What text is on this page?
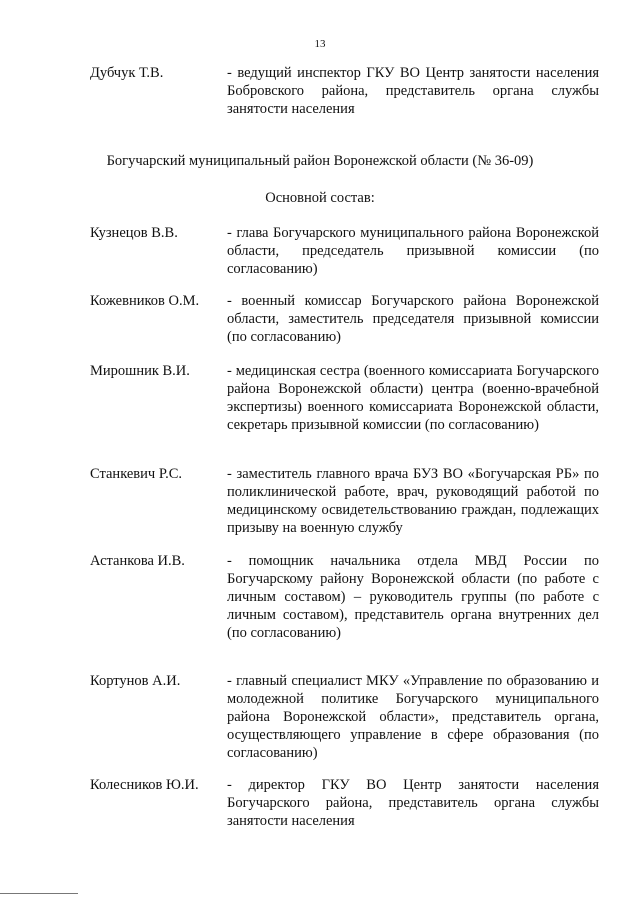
13
Дубчук Т.В.	- ведущий инспектор ГКУ ВО Центр занятости населения Бобровского района, представитель органа службы занятости населения
Богучарский муниципальный район Воронежской области (№ 36-09)
Основной состав:
Кузнецов В.В.	- глава Богучарского муниципального района Воронежской области, председатель призывной комиссии (по согласованию)
Кожевников О.М.	- военный комиссар Богучарского района Воронежской области, заместитель председателя призывной комиссии (по согласованию)
Мирошник В.И.	- медицинская сестра (военного комиссариата Богучарского района Воронежской области) центра (военно-врачебной экспертизы) военного комиссариата Воронежской области, секретарь призывной комиссии (по согласованию)
Станкевич Р.С.	- заместитель главного врача БУЗ ВО «Богучарская РБ» по поликлинической работе, врач, руководящий работой по медицинскому освидетельствованию граждан, подлежащих призыву на военную службу
Астанкова И.В.	- помощник начальника отдела МВД России по Богучарскому району Воронежской области (по работе с личным составом) – руководитель группы (по работе с личным составом), представитель органа внутренних дел (по согласованию)
Кортунов А.И.	- главный специалист МКУ «Управление по образованию и молодежной политике Богучарского муниципального района Воронежской области», представитель органа, осуществляющего управление в сфере образования (по согласованию)
Колесников Ю.И.	- директор ГКУ ВО Центр занятости населения Богучарского района, представитель органа службы занятости населения
